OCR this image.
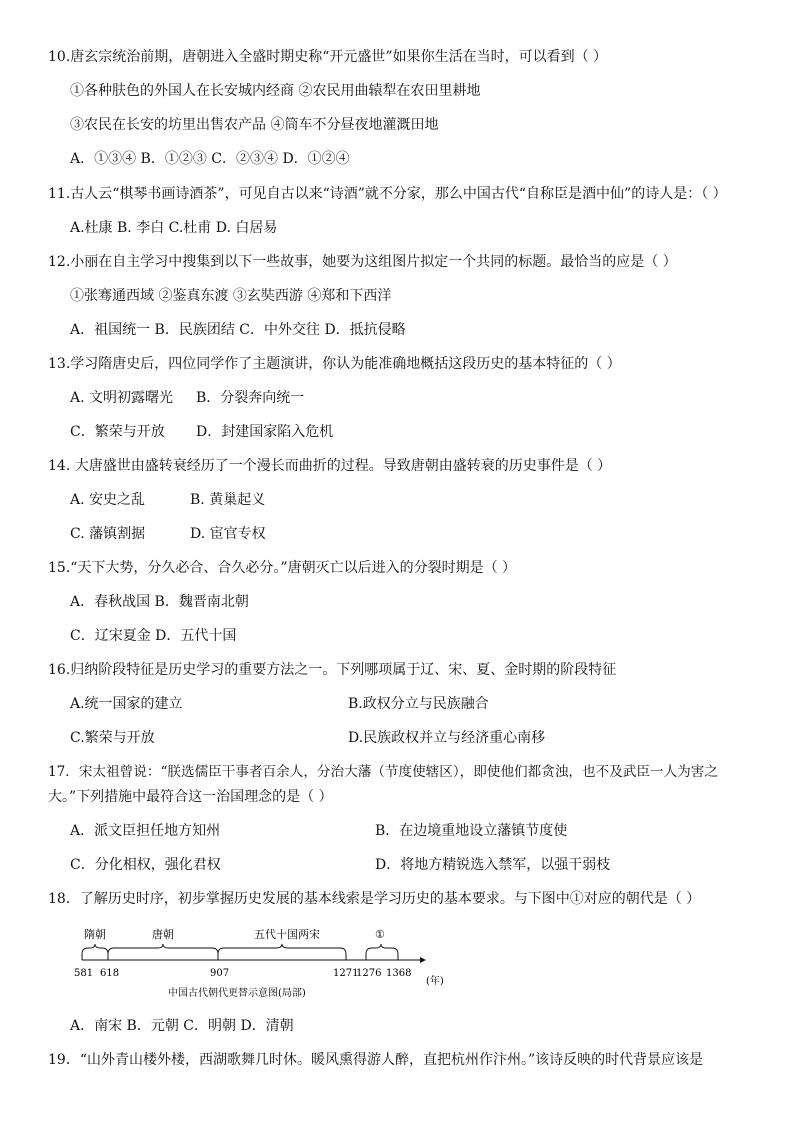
10.唐玄宗统治前期，唐朝进入全盛时期史称“开元盛世”如果你生活在当时，可以看到（ ）
①各种肤色的外国人在长安城内经商 ②农民用曲辕犁在农田里耕地
③农民在长安的坊里出售农产品 ④筒车不分昼夜地灌溉田地
A．①③④ B．①②③ C．②③④ D．①②④
11.古人云“棋琴书画诗酒茶”，可见自古以来“诗酒”就不分家，那么中国古代“自称臣是酒中仙”的诗人是：（ ）
A.杜康 B. 李白 C.杜甫 D. 白居易
12.小丽在自主学习中搜集到以下一些故事，她要为这组图片拟定一个共同的标题。最恰当的应是（ ）
①张骞通西域 ②鉴真东渡 ③玄奘西游 ④郑和下西洋
A．祖国统一 B．民族团结 C．中外交往 D．抵抗侵略
13.学习隋唐史后，四位同学作了主题演讲，你认为能准确地概括这段历史的基本特征的（ ）
A. 文明初露曙光 B．分裂奔向统一
C．繁荣与开放 D．封建国家陷入危机
14. 大唐盛世由盛转衰经历了一个漫长而曲折的过程。导致唐朝由盛转衰的历史事件是（ ）
A. 安史之乱	B. 黄巢起义
C. 藩镇割据	D. 宦官专权
15.“天下大势，分久必合、合久必分。”唐朝灭亡以后进入的分裂时期是（ ）
A．春秋战国 B．魏晋南北朝
C．辽宋夏金 D．五代十国
16.归纳阶段特征是历史学习的重要方法之一。下列哪项属于辽、宋、夏、金时期的阶段特征
A.统一国家的建立	B.政权分立与民族融合
C.繁荣与开放	D.民族政权并立与经济重心南移
17．宋太祖曾说：“朕选儒臣干事者百余人，分治大藩（节度使辖区），即使他们都贪浊，也不及武臣一人为害之
大。”下列措施中最符合这一治国理念的是（ ）
A．派文臣担任地方知州	B．在边境重地设立藩镇节度使
C．分化相权，强化君权	D．将地方精锐选入禁军，以强干弱枝
18．了解历史时序，初步掌握历史发展的基本线索是学习历史的基本要求。与下图中①对应的朝代是（ ）
隋朝	唐朝	五代十国两宋	①
581 618	907	1271
1276 1368
(年)
中国古代朝代更替示意图(局部)
A．南宋 B．元朝 C．明朝 D．清朝
19．“山外青山楼外楼，西湖歌舞几时休。暖风熏得游人醉，直把杭州作汴州。”该诗反映的时代背景应该是
